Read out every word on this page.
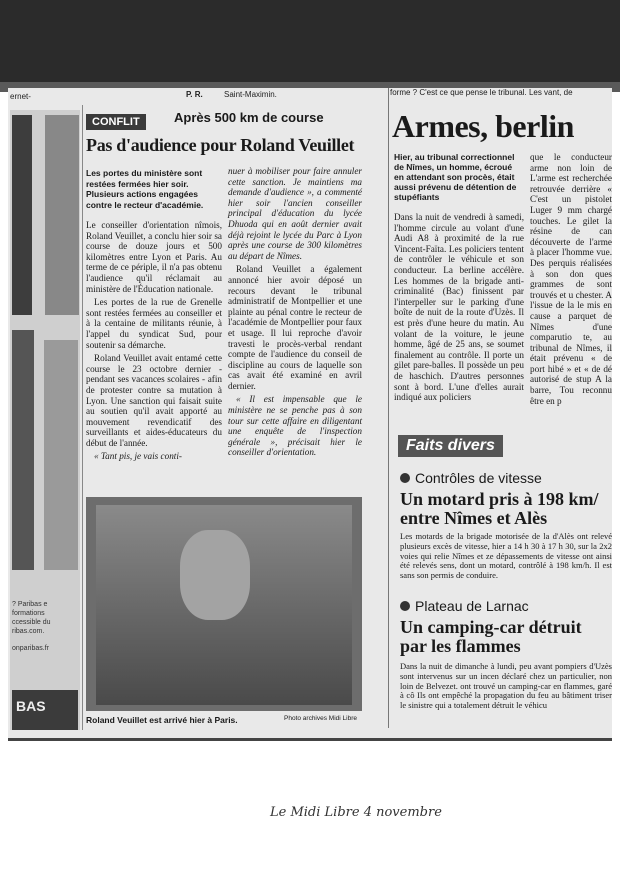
? Paribas e
formations
ccessible du
ribas.com.
onparibas.fr
BAS
ernet-	P. R.	Saint-Maximin.
CONFLIT	Après 500 km de course
Pas d'audience pour Roland Veuillet
Les portes du ministère sont restées fermées hier soir. Plusieurs actions engagées contre le recteur d'académie.

Le conseiller d'orientation nîmois, Roland Veuillet, a conclu hier soir sa course de douze jours et 500 kilomètres entre Lyon et Paris. Au terme de ce périple, il n'a pas obtenu l'audience qu'il réclamait au ministère de l'Éducation nationale.

Les portes de la rue de Grenelle sont restées fermées au conseiller et à la centaine de militants réunie, à l'appel du syndicat Sud, pour soutenir sa démarche.

Roland Veuillet avait entamé cette course le 23 octobre dernier - pendant ses vacances scolaires - afin de protester contre sa mutation à Lyon. Une sanction qui faisait suite au soutien qu'il avait apporté au mouvement revendicatif des surveillants et aides-éducateurs du début de l'année.

« Tant pis, je vais conti-

nuer à mobiliser pour faire annuler cette sanction. Je maintiens ma demande d'audience », a commenté hier soir l'ancien conseiller principal d'éducation du lycée Dhuoda qui en août dernier avait déjà rejoint le lycée du Parc à Lyon après une course de 300 kilomètres au départ de Nîmes.

Roland Veuillet a également annoncé hier avoir déposé un recours devant le tribunal administratif de Montpellier et une plainte au pénal contre le recteur de l'académie de Montpellier pour faux et usage. Il lui reproche d'avoir travesti le procès-verbal rendant compte de l'audience du conseil de discipline au cours de laquelle son cas avait été examiné en avril dernier.

« Il est impensable que le ministère ne se penche pas à son tour sur cette affaire en diligentant une enquête de l'inspection générale », précisait hier le conseiller d'orientation.

Roland Veuillet est arrivé hier à Paris.	Photo archives Midi Libre
forme ? C'est ce que pense le tribunal. Les vant, de
Armes, berlin
Hier, au tribunal correctionnel de Nîmes, un homme, écroué en attendant son procès, était aussi prévenu de détention de stupéfiants

Dans la nuit de vendredi à samedi, l'homme circule au volant d'une Audi A8 à proximité de la rue Vincent-Faïta. Les policiers tentent de contrôler le véhicule et son conducteur. La berline accélère. Les hommes de la brigade anti-criminalité (Bac) finissent par l'interpeller sur le parking d'une boîte de nuit de la route d'Uzès. Il est près d'une heure du matin. Au volant de la voiture, le jeune homme, âgé de 25 ans, se soumet finalement au contrôle. Il porte un gilet pare-balles. Il possède un peu de haschich. D'autres personnes sont à bord. L'une d'elles aurait indiqué aux policiers

que le conducteur arme non loin de L'arme est recherchée retrouvée derrière « C'est un pistolet Luger 9 mm chargé touches. Le gilet la résine de can découverte de l'arme à placer l'homme vue. Des perquis réalisées à son don ques grammes de sont trouvés et u chester. A l'issue de la le mis en cause a parquet de Nîmes d'une comparutio te, au tribunal de Nîmes, il était prévenu « de port hibé » et « de dé autorisé de stup A la barre, Tou reconnu être en p

Faits divers
Contrôles de vitesse
Un motard pris à 198 km/ entre Nîmes et Alès

Les motards de la brigade motorisée de la d'Alès ont relevé plusieurs excès de vitesse, hier a 14 h 30 à 17 h 30, sur la 2x2 voies qui relie Nîmes et ze dépassements de vitesse ont ainsi été relevés sens, dont un motard, contrôlé à 198 km/h. Il est sans son permis de conduire.

Plateau de Larnac
Un camping-car détruit par les flammes

Dans la nuit de dimanche à lundi, peu avant pompiers d'Uzès sont intervenus sur un incen déclaré chez un particulier, non loin de Belvezet. ont trouvé un camping-car en flammes, garé à cô Ils ont empêché la propagation du feu au bâtiment triser le sinistre qui a totalement détruit le véhicu

Le Midi Libre 4 novembre
